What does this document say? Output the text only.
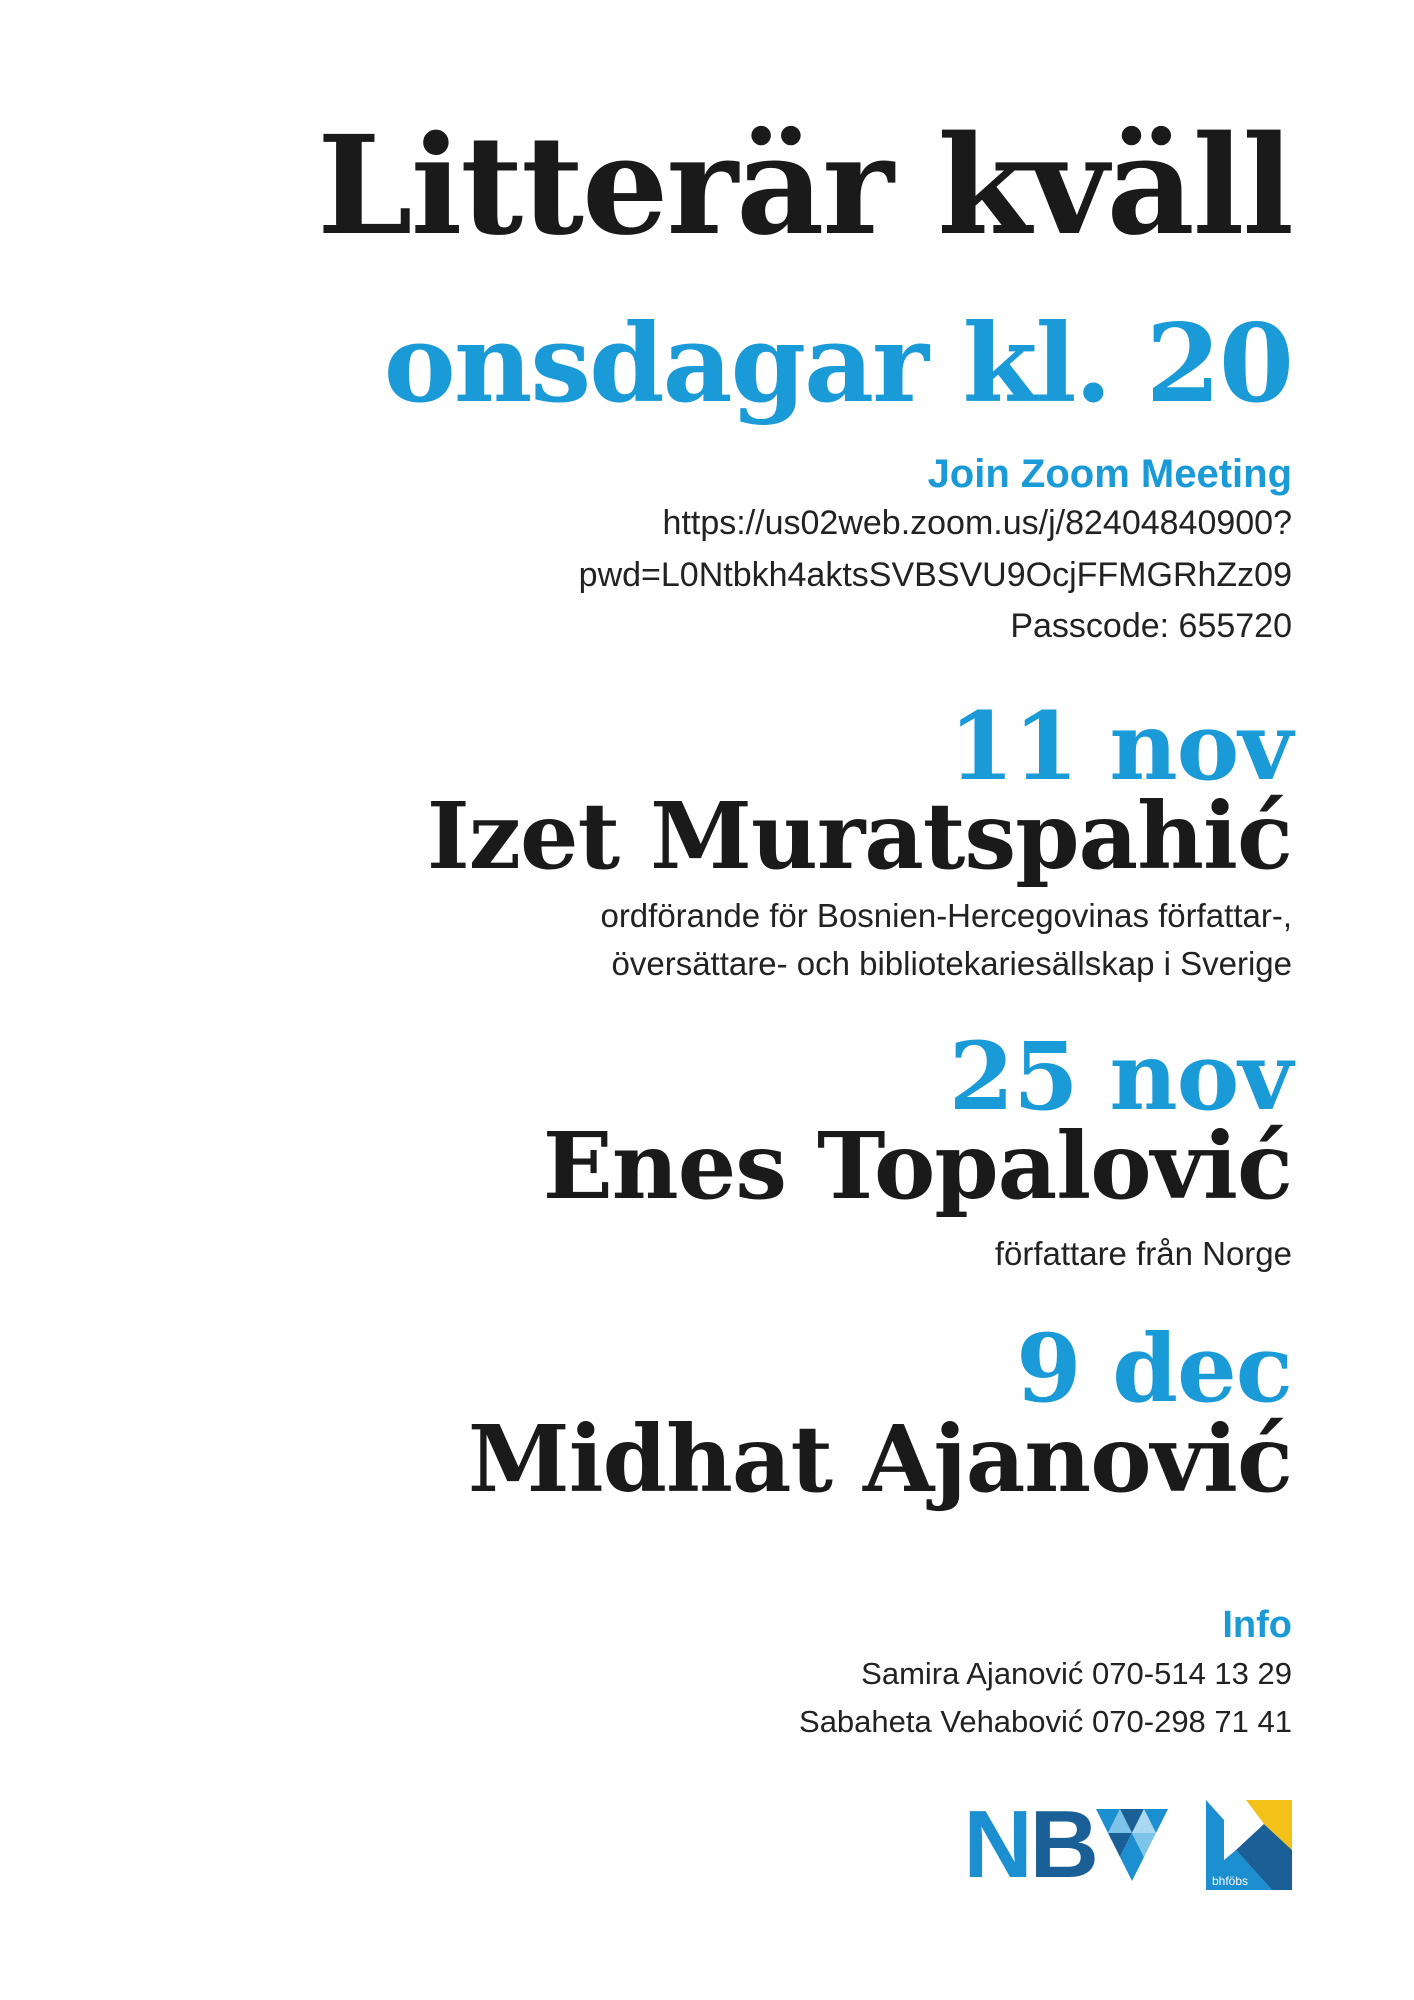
Litterär kväll
onsdagar kl. 20
Join Zoom Meeting
https://us02web.zoom.us/j/82404840900?
pwd=L0Ntbkh4aktsSVBSVU9OcjFFMGRhZz09
Passcode: 655720
11 nov
Izet Muratspahić
ordförande för Bosnien-Hercegovinas författar-,
översättare- och bibliotekariesällskap i Sverige
25 nov
Enes Topalović
författare från Norge
9 dec
Midhat Ajanović
Info
Samira Ajanović 070-514 13 29
Sabaheta Vehabović 070-298 71 41
NB	bhföbs
